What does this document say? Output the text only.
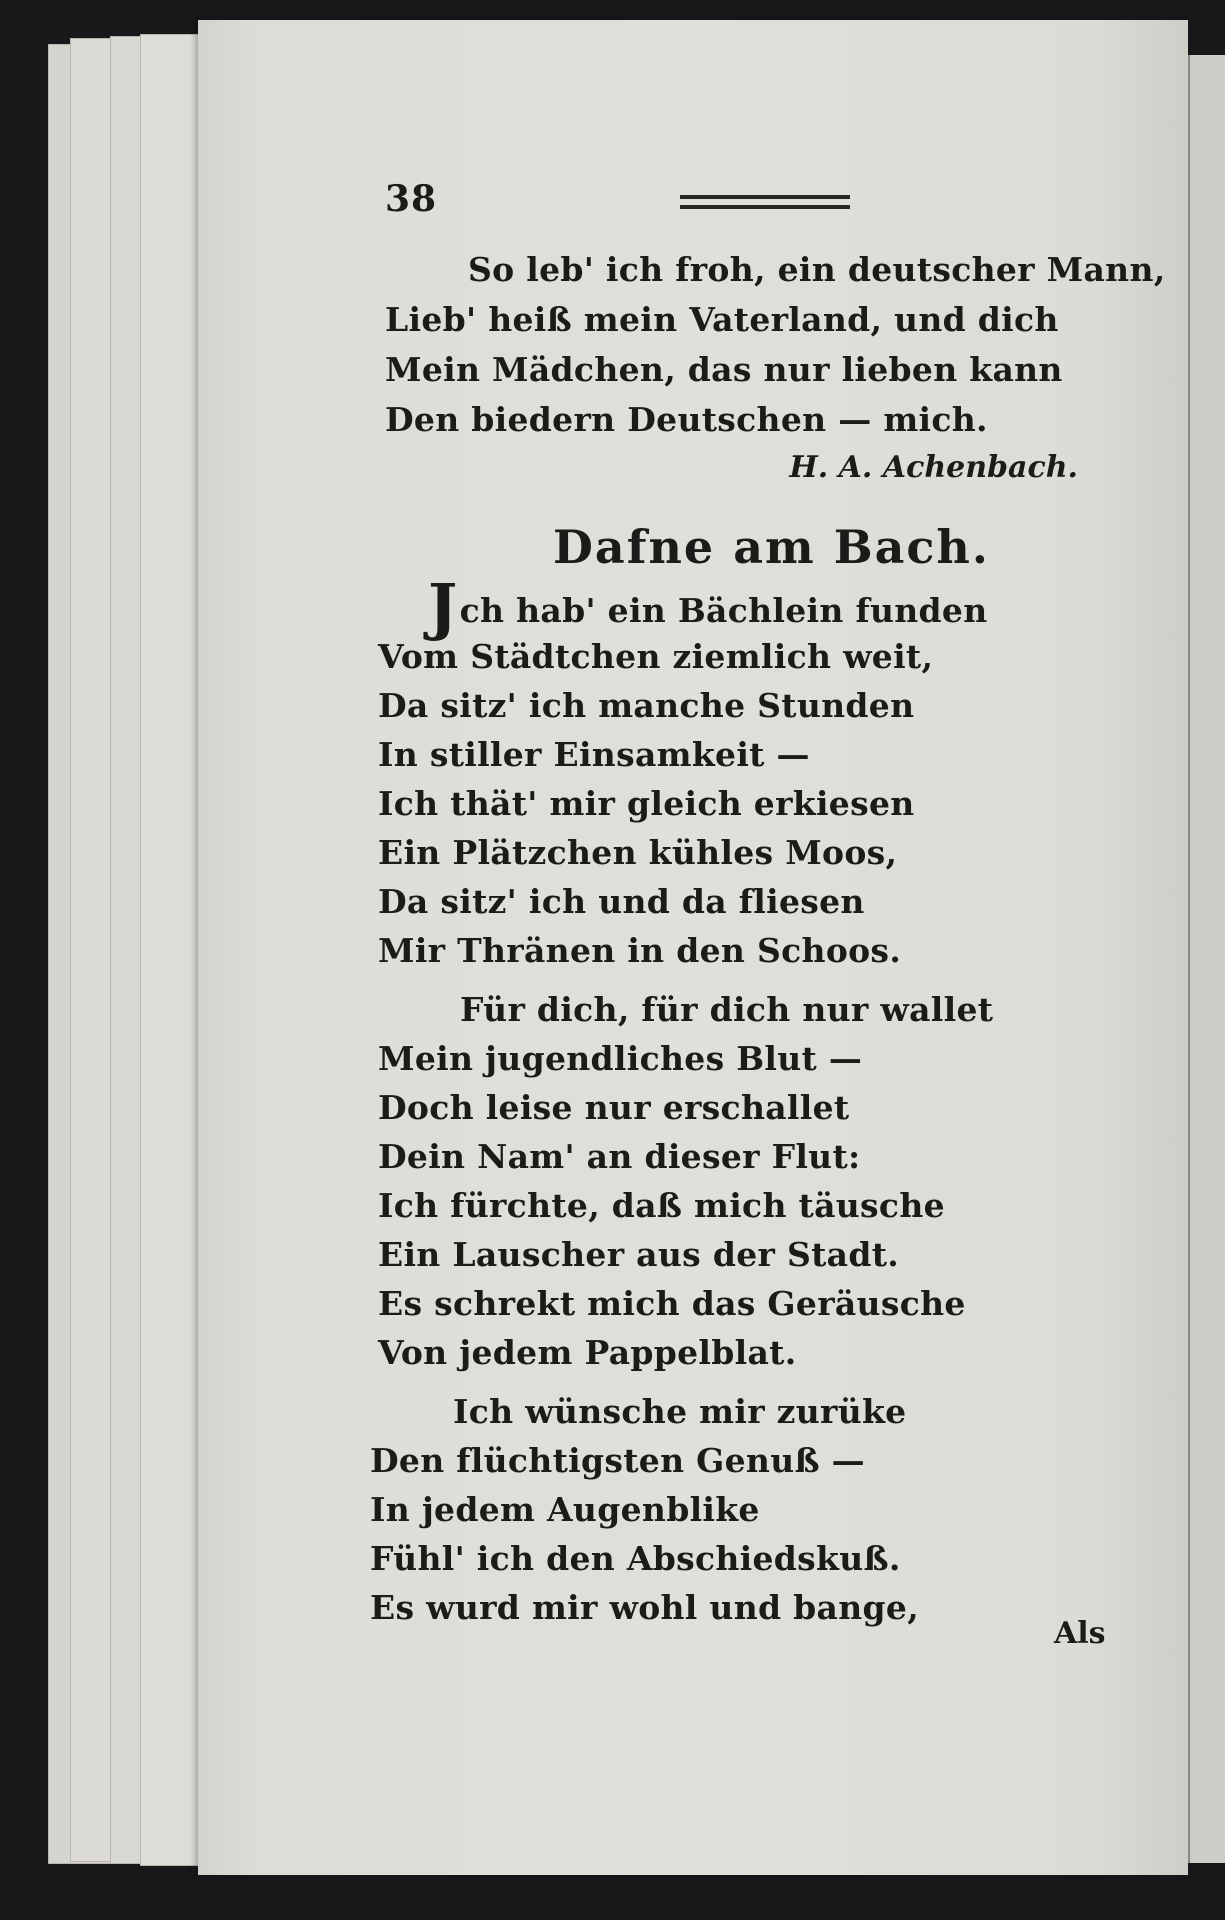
38
So leb' ich froh, ein deutscher Mann,
Lieb' heiß mein Vaterland, und dich
Mein Mädchen, das nur lieben kann
Den biedern Deutschen — mich.
H. A. Achenbach.
Dafne am Bach.
Jch hab' ein Bächlein funden
Vom Städtchen ziemlich weit,
Da sitz' ich manche Stunden
In stiller Einsamkeit —
Ich thät' mir gleich erkiesen
Ein Plätzchen kühles Moos,
Da sitz' ich und da fliesen
Mir Thränen in den Schoos.
Für dich, für dich nur wallet
Mein jugendliches Blut —
Doch leise nur erschallet
Dein Nam' an dieser Flut:
Ich fürchte, daß mich täusche
Ein Lauscher aus der Stadt.
Es schrekt mich das Geräusche
Von jedem Pappelblat.
Ich wünsche mir zurüke
Den flüchtigsten Genuß —
In jedem Augenblike
Fühl' ich den Abschiedskuß.
Es wurd mir wohl und bange,
Als
